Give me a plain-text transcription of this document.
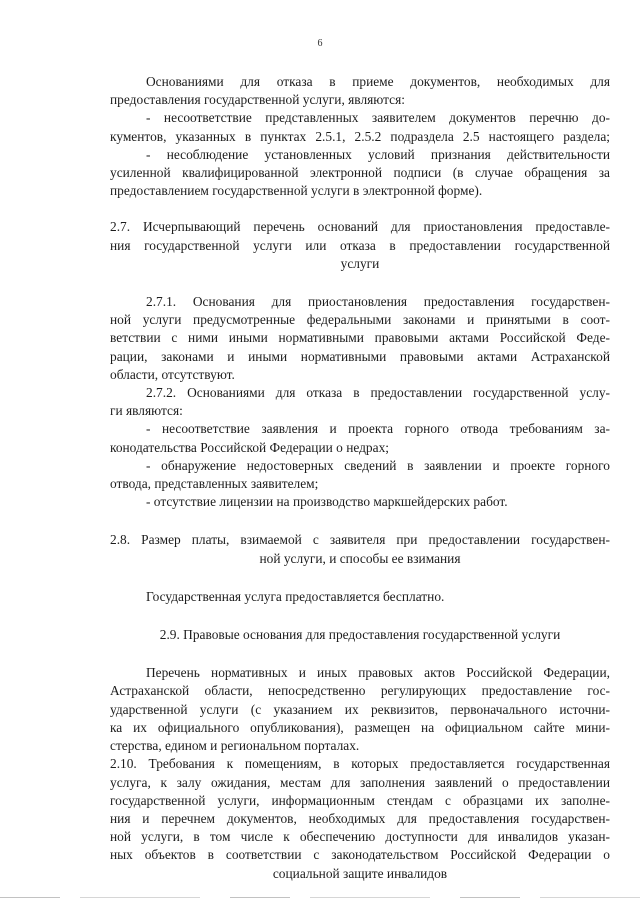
6

Основаниями для отказа в приеме документов, необходимых для

предоставления государственной услуги, являются:

- несоответствие представленных заявителем документов перечню до-

кументов, указанных в пунктах 2.5.1, 2.5.2 подраздела 2.5 настоящего раздела;

- несоблюдение установленных условий признания действительности

усиленной квалифицированной электронной подписи (в случае обращения за

предоставлением государственной услуги в электронной форме).

2.7. Исчерпывающий перечень оснований для приостановления предоставле-

ния государственной услуги или отказа в предоставлении государственной

услуги

2.7.1. Основания для приостановления предоставления государствен-

ной услуги предусмотренные федеральными законами и принятыми в соот-

ветствии с ними иными нормативными правовыми актами Российской Феде-

рации, законами и иными нормативными правовыми актами Астраханской

области, отсутствуют.

2.7.2. Основаниями для отказа в предоставлении государственной услу-

ги являются:

- несоответствие заявления и проекта горного отвода требованиям за-

конодательства Российской Федерации о недрах;

- обнаружение недостоверных сведений в заявлении и проекте горного

отвода, представленных заявителем;

- отсутствие лицензии на производство маркшейдерских работ.

2.8. Размер платы, взимаемой с заявителя при предоставлении государствен-

ной услуги, и способы ее взимания

Государственная услуга предоставляется бесплатно.

2.9. Правовые основания для предоставления государственной услуги

Перечень нормативных и иных правовых актов Российской Федерации,

Астраханской области, непосредственно регулирующих предоставление гос-

ударственной услуги (с указанием их реквизитов, первоначального источни-

ка их официального опубликования), размещен на официальном сайте мини-

стерства, едином и региональном порталах.

2.10. Требования к помещениям, в которых предоставляется государственная

услуга, к залу ожидания, местам для заполнения заявлений о предоставлении

государственной услуги, информационным стендам с образцами их заполне-

ния и перечнем документов, необходимых для предоставления государствен-

ной услуги, в том числе к обеспечению доступности для инвалидов указан-

ных объектов в соответствии с законодательством Российской Федерации о

социальной защите инвалидов
